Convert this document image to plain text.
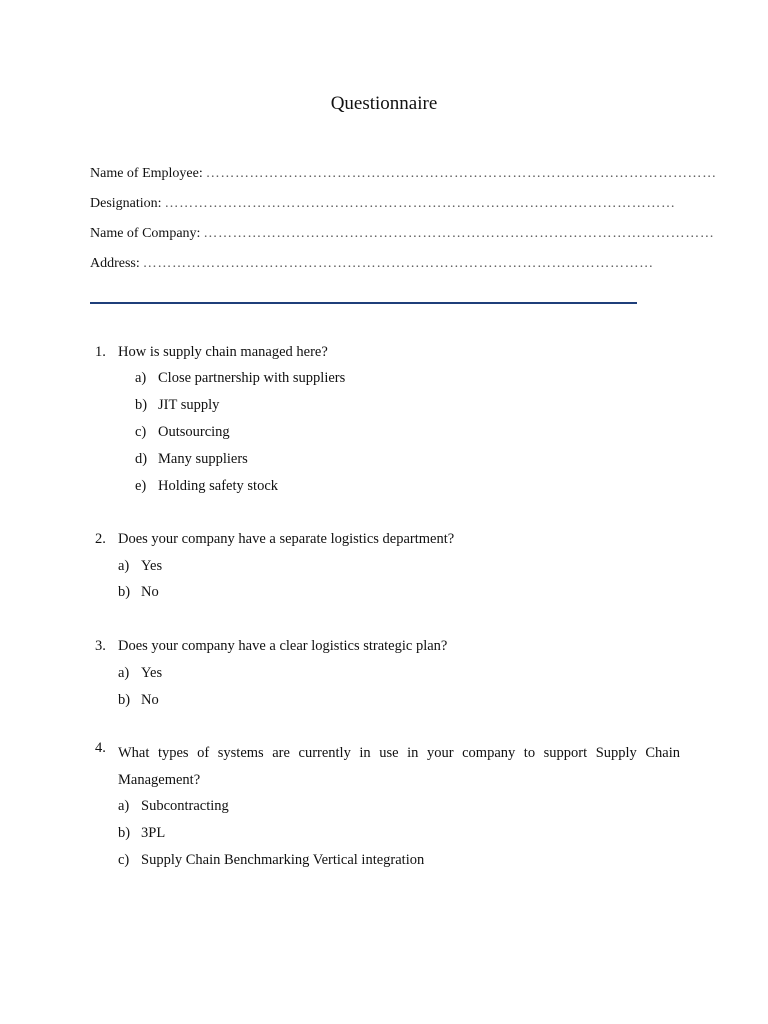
Questionnaire
Name of Employee: ……………………………………………………………………………………………
Designation: ……………………………………………………………………………………………
Name of Company: ……………………………………………………………………………………………
Address: ……………………………………………………………………………………………
1. How is supply chain managed here?
a) Close partnership with suppliers
b) JIT supply
c) Outsourcing
d) Many suppliers
e) Holding safety stock
2. Does your company have a separate logistics department?
a) Yes
b) No
3. Does your company have a clear logistics strategic plan?
a) Yes
b) No
4. What types of systems are currently in use in your company to support Supply Chain Management?
a) Subcontracting
b) 3PL
c) Supply Chain Benchmarking Vertical integration
